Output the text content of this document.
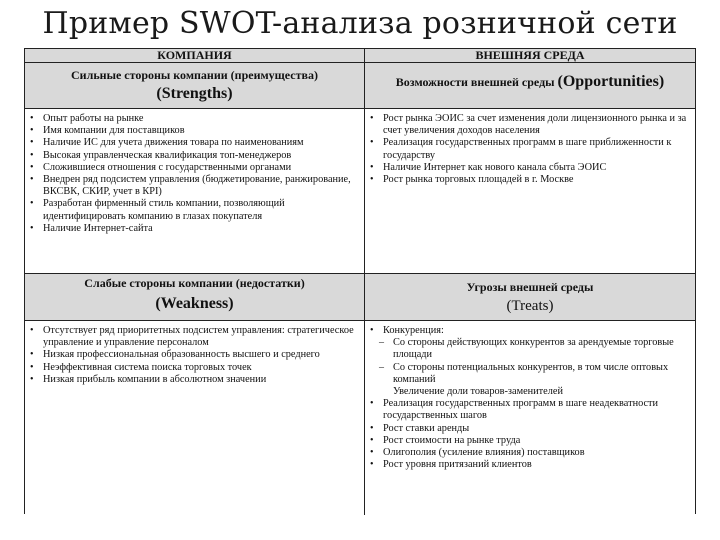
Пример SWOT-анализа розничной сети
КОМПАНИЯ	ВНЕШНЯЯ СРЕДА
Сильные стороны компании (преимущества)
(Strengths)
Возможности внешней среды (Opportunities)
• Опыт работы на рынке
• Имя компании для поставщиков
• Наличие ИС для учета движения товара по наименованиям
• Высокая управленческая квалификация топ-менеджеров
• Сложившиеся отношения с государственными органами
• Внедрен ряд подсистем управления (бюджетирование, ранжирование, ВКСВК, СКИР, учет в КРІ)
• Разработан фирменный стиль компании, позволяющий идентифицировать компанию в глазах покупателя
• Наличие Интернет-сайта
• Рост рынка ЭОИС за счет изменения доли лицензионного рынка и за счет увеличения доходов населения
• Реализация государственных программ в шаге приближенности к государству
• Наличие Интернет как нового канала сбыта ЭОИС
• Рост рынка торговых площадей в г. Москве
Слабые стороны компании (недостатки)
(Weakness)
Угрозы внешней среды
(Treats)
• Отсутствует ряд приоритетных подсистем управления: стратегическое управление и управление персоналом
• Низкая профессиональная образованность высшего и среднего
• Неэффективная система поиска торговых точек
• Низкая прибыль компании в абсолютном значении
• Конкуренция:
– Со стороны действующих конкурентов за арендуемые торговые площади
– Со стороны потенциальных конкурентов, в том числе оптовых компаний
Увеличение доли товаров-заменителей
• Реализация государственных программ в шаге неадекватности государственных шагов
• Рост ставки аренды
• Рост стоимости на рынке труда
• Олигополия (усиление влияния) поставщиков
• Рост уровня притязаний клиентов
